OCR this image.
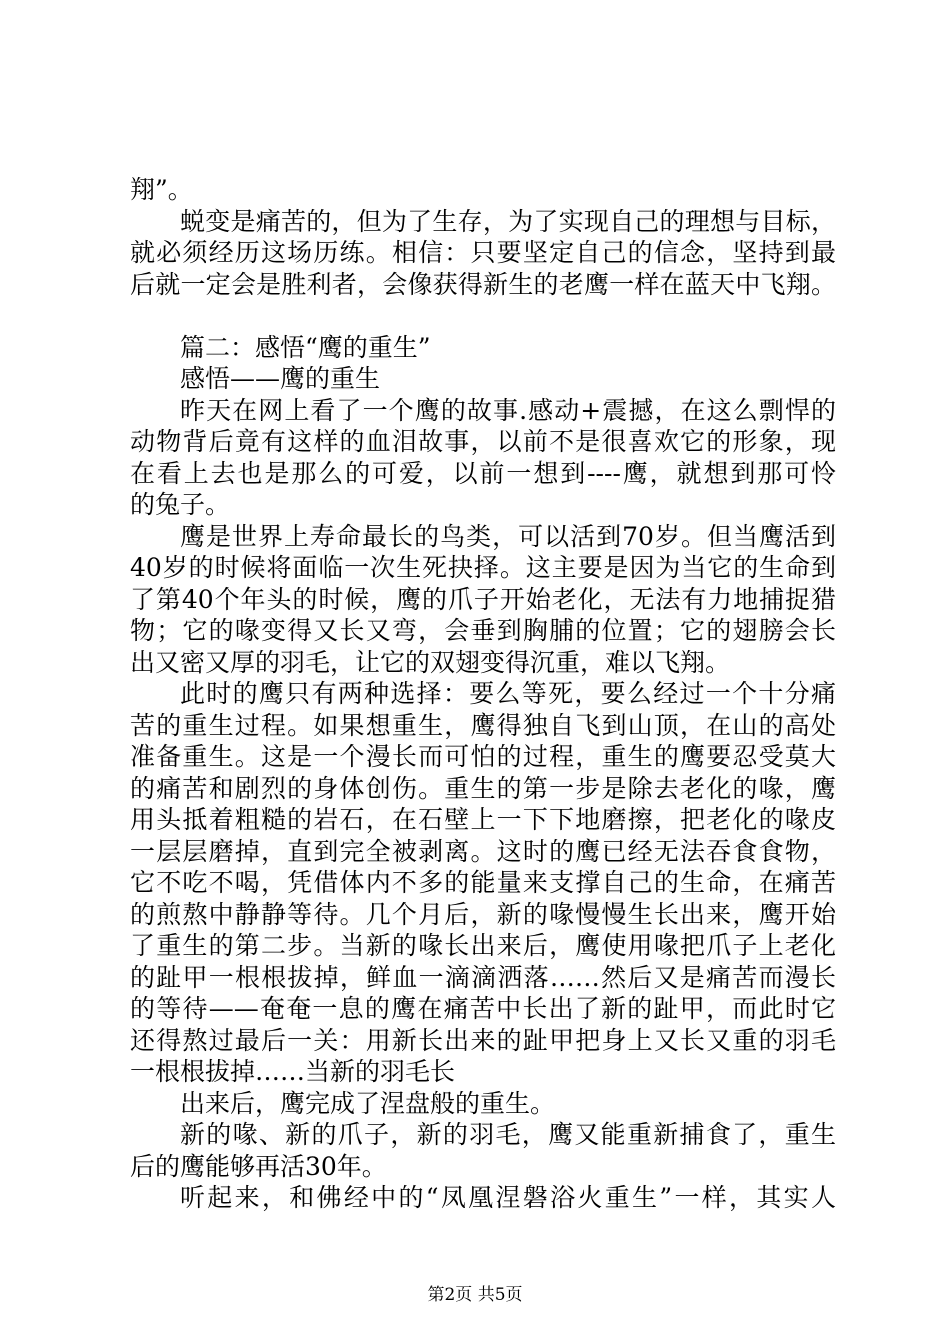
翔”。
蜕变是痛苦的，但为了生存，为了实现自己的理想与目标，
就必须经历这场历练。相信：只要坚定自己的信念，坚持到最
后就一定会是胜利者，会像获得新生的老鹰一样在蓝天中飞翔。
篇二：感悟“鹰的重生”
感悟——鹰的重生
昨天在网上看了一个鹰的故事.感动+震撼，在这么剽悍的
动物背后竟有这样的血泪故事，以前不是很喜欢它的形象，现
在看上去也是那么的可爱，以前一想到----鹰，就想到那可怜
的兔子。
鹰是世界上寿命最长的鸟类，可以活到70岁。但当鹰活到
40岁的时候将面临一次生死抉择。这主要是因为当它的生命到
了第40个年头的时候，鹰的爪子开始老化，无法有力地捕捉猎
物；它的喙变得又长又弯，会垂到胸脯的位置；它的翅膀会长
出又密又厚的羽毛，让它的双翅变得沉重，难以飞翔。
此时的鹰只有两种选择：要么等死，要么经过一个十分痛
苦的重生过程。如果想重生，鹰得独自飞到山顶，在山的高处
准备重生。这是一个漫长而可怕的过程，重生的鹰要忍受莫大
的痛苦和剧烈的身体创伤。重生的第一步是除去老化的喙，鹰
用头抵着粗糙的岩石，在石壁上一下下地磨擦，把老化的喙皮
一层层磨掉，直到完全被剥离。这时的鹰已经无法吞食食物，
它不吃不喝，凭借体内不多的能量来支撑自己的生命，在痛苦
的煎熬中静静等待。几个月后，新的喙慢慢生长出来，鹰开始
了重生的第二步。当新的喙长出来后，鹰使用喙把爪子上老化
的趾甲一根根拔掉，鲜血一滴滴洒落……然后又是痛苦而漫长
的等待——奄奄一息的鹰在痛苦中长出了新的趾甲，而此时它
还得熬过最后一关：用新长出来的趾甲把身上又长又重的羽毛
一根根拔掉……当新的羽毛长
出来后，鹰完成了涅盘般的重生。
新的喙、新的爪子，新的羽毛，鹰又能重新捕食了，重生
后的鹰能够再活30年。
听起来，和佛经中的“凤凰涅磐浴火重生”一样，其实人
第2页 共5页
